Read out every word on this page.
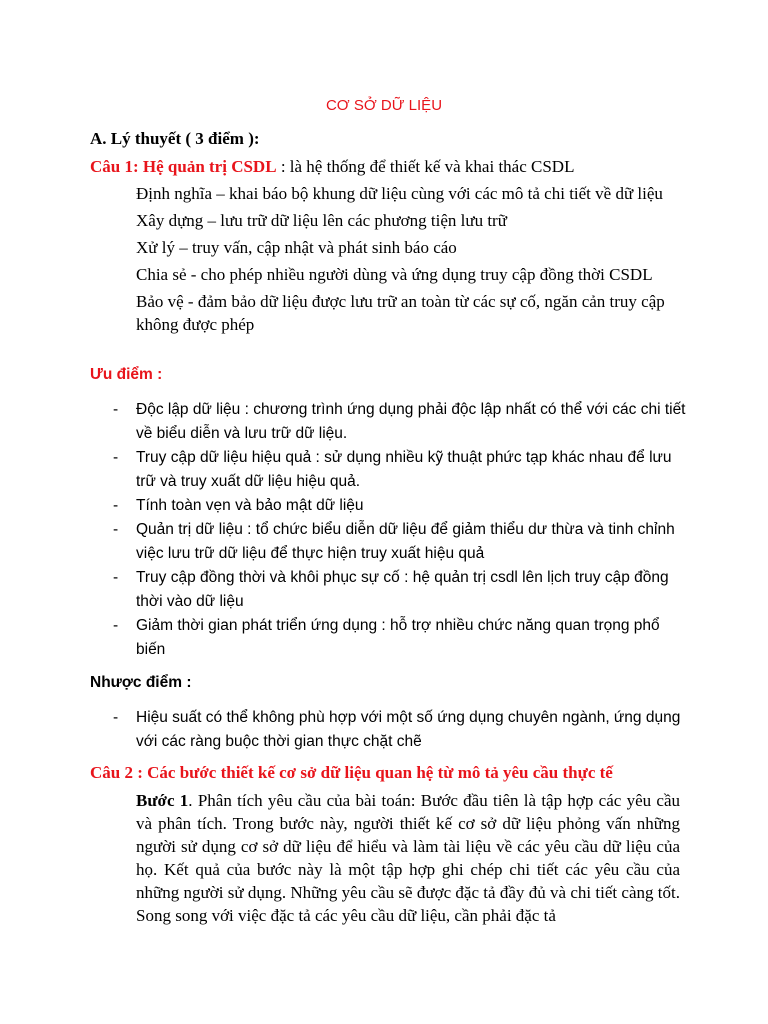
CƠ SỞ DỮ LIỆU
A. Lý thuyết ( 3 điểm ):
Câu 1: Hệ quản trị CSDL : là hệ thống để thiết kế và khai thác CSDL
Định nghĩa – khai báo bộ khung dữ liệu cùng với các mô tả chi tiết về dữ liệu
Xây dựng – lưu trữ dữ liệu lên các phương tiện lưu trữ
Xử lý – truy vấn, cập nhật và phát sinh báo cáo
Chia sẻ - cho phép nhiều người dùng và ứng dụng truy cập đồng thời CSDL
Bảo vệ - đảm bảo dữ liệu được lưu trữ an toàn từ các sự cố, ngăn cản truy cập không được phép
Ưu điểm :
- Độc lập dữ liệu : chương trình ứng dụng phải độc lập nhất có thể với các chi tiết về biểu diễn và lưu trữ dữ liệu.
- Truy cập dữ liệu hiệu quả : sử dụng nhiều kỹ thuật phức tạp khác nhau để lưu trữ và truy xuất dữ liệu hiệu quả.
- Tính toàn vẹn và bảo mật dữ liệu
- Quản trị dữ liệu : tổ chức biểu diễn dữ liệu để giảm thiểu dư thừa và tinh chỉnh việc lưu trữ dữ liệu để thực hiện truy xuất hiệu quả
- Truy cập đồng thời và khôi phục sự cố : hệ quản trị csdl lên lịch truy cập đồng thời vào dữ liệu
- Giảm thời gian phát triển ứng dụng : hỗ trợ nhiều chức năng quan trọng phổ biến
Nhược điểm :
- Hiệu suất có thể không phù hợp với một số ứng dụng chuyên ngành, ứng dụng với các ràng buộc thời gian thực chặt chẽ
Câu 2 : Các bước thiết kế cơ sở dữ liệu quan hệ từ mô tả yêu cầu thực tế
Bước 1. Phân tích yêu cầu của bài toán: Bước đầu tiên là tập hợp các yêu cầu và phân tích. Trong bước này, người thiết kế cơ sở dữ liệu phỏng vấn những người sử dụng cơ sở dữ liệu để hiểu và làm tài liệu về các yêu cầu dữ liệu của họ. Kết quả của bước này là một tập hợp ghi chép chi tiết các yêu cầu của những người sử dụng. Những yêu cầu sẽ được đặc tả đầy đủ và chi tiết càng tốt. Song song với việc đặc tả các yêu cầu dữ liệu, cần phải đặc tả
